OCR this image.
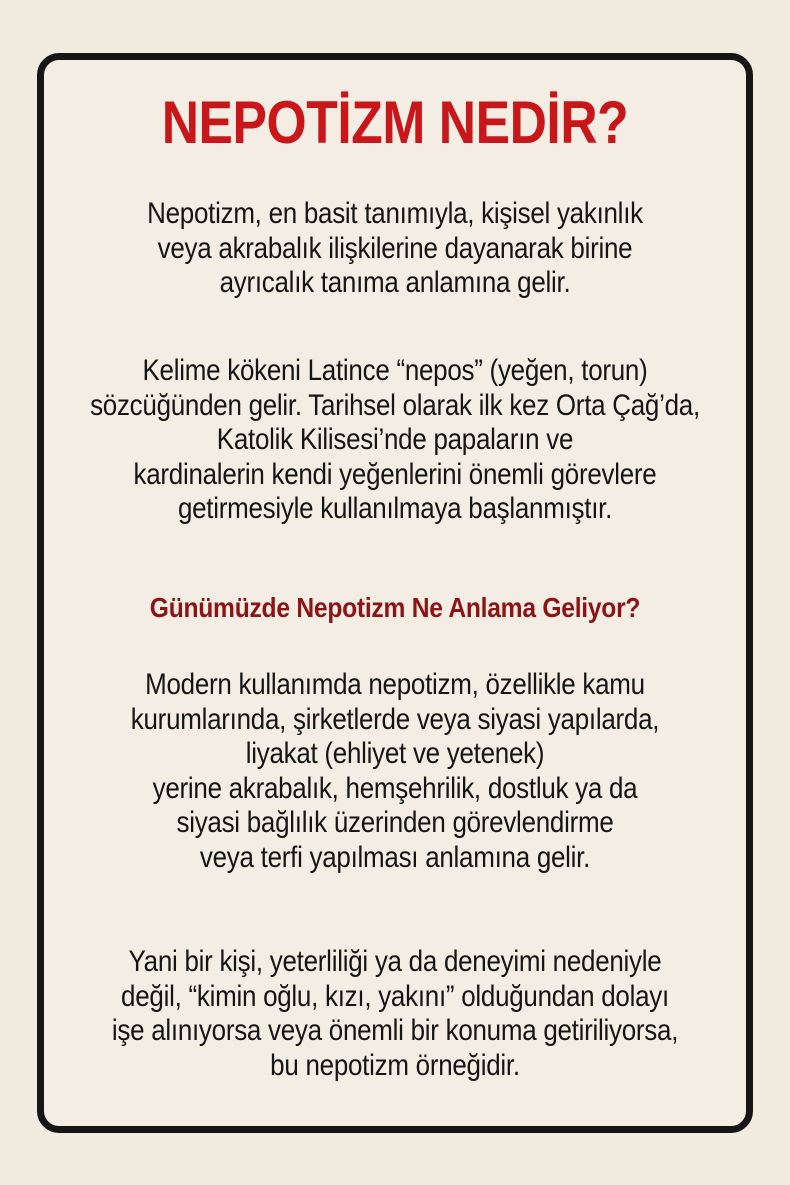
NEPOTİZM NEDİR?

Nepotizm, en basit tanımıyla, kişisel yakınlık
veya akrabalık ilişkilerine dayanarak birine
ayrıcalık tanıma anlamına gelir.

Kelime kökeni Latince “nepos” (yeğen, torun)
sözcüğünden gelir. Tarihsel olarak ilk kez Orta Çağ’da,
Katolik Kilisesi’nde papaların ve
kardinalerin kendi yeğenlerini önemli görevlere
getirmesiyle kullanılmaya başlanmıştır.

Günümüzde Nepotizm Ne Anlama Geliyor?

Modern kullanımda nepotizm, özellikle kamu
kurumlarında, şirketlerde veya siyasi yapılarda,
liyakat (ehliyet ve yetenek)
yerine akrabalık, hemşehrilik, dostluk ya da
siyasi bağlılık üzerinden görevlendirme
veya terfi yapılması anlamına gelir.

Yani bir kişi, yeterliliği ya da deneyimi nedeniyle
değil, “kimin oğlu, kızı, yakını” olduğundan dolayı
işe alınıyorsa veya önemli bir konuma getiriliyorsa,
bu nepotizm örneğidir.
